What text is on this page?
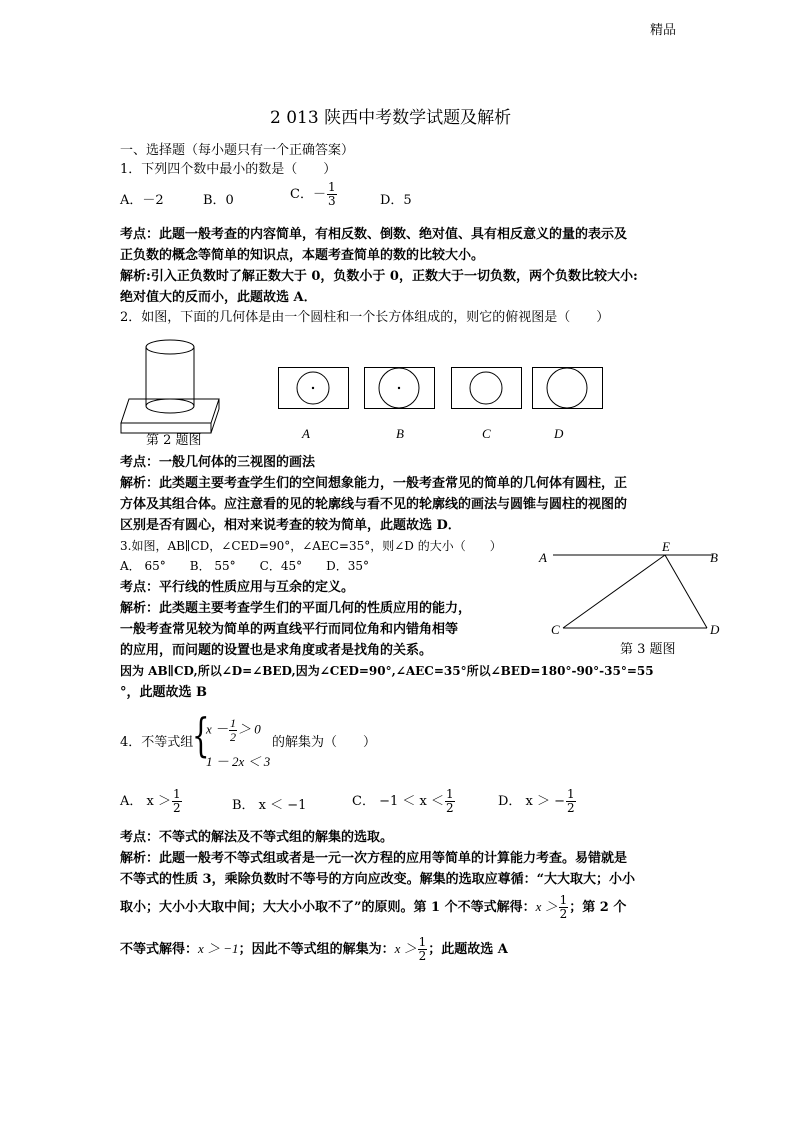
精品
2 013 陕西中考数学试题及解析
一、选择题（每小题只有一个正确答案）
1．下列四个数中最小的数是（　　）
A．－2	B．0	C．－ $\frac{1}{3}$	D．5
考点：此题一般考查的内容简单，有相反数、倒数、绝对值、具有相反意义的量的表示及
正负数的概念等简单的知识点，本题考查简单的数的比较大小。
解析:引入正负数时了解正数大于 0，负数小于 0，正数大于一切负数，两个负数比较大小:
绝对值大的反而小，此题故选 A．
2．如图，下面的几何体是由一个圆柱和一个长方体组成的，则它的俯视图是（　　）
第 2 题图	A	B	C	D
考点：一般几何体的三视图的画法
解析：此类题主要考查学生们的空间想象能力，一般考查常见的简单的几何体有圆柱，正
方体及其组合体。应注意看的见的轮廓线与看不见的轮廓线的画法与圆锥与圆柱的视图的
区别是否有圆心，相对来说考查的较为简单，此题故选 D．
3.如图，AB∥CD，∠CED=90°，∠AEC=35°，则∠D 的大小（　　）
A． 65°　　B． 55°　　C．45°　　D．35°
A
E
B
C	D
第 3 题图
考点：平行线的性质应用与互余的定义。
解析：此类题主要考查学生们的平面几何的性质应用的能力，
一般考查常见较为简单的两直线平行而同位角和内错角相等
的应用，而问题的设置也是求角度或者是找角的关系。
因为 AB∥CD,所以∠D=∠BED,因为∠CED=90°,∠AEC=35°所以∠BED=180°-90°-35°=55
°，此题故选 B
4．不等式组
{
$x - \frac{1}{2} > 0$
1 － 2x ＜ 3
的解集为（　　）
A． $x > \frac{1}{2}$	B． x ＜ −1	C． $-1 < x < \frac{1}{2}$	D． x ＞ − $\frac{1}{2}$
考点：不等式的解法及不等式组的解集的选取。
解析：此题一般考不等式组或者是一元一次方程的应用等简单的计算能力考查。易错就是
不等式的性质 3，乘除负数时不等号的方向应改变。解集的选取应尊循：“大大取大；小小
取小；大小小大取中间；大大小小取不了”的原则。第 1 个不等式解得：$x > \frac{1}{2}$ ；第 2 个
不等式解得：x ＞ −1；因此不等式组的解集为：$x > \frac{1}{2}$ ；此题故选 A
